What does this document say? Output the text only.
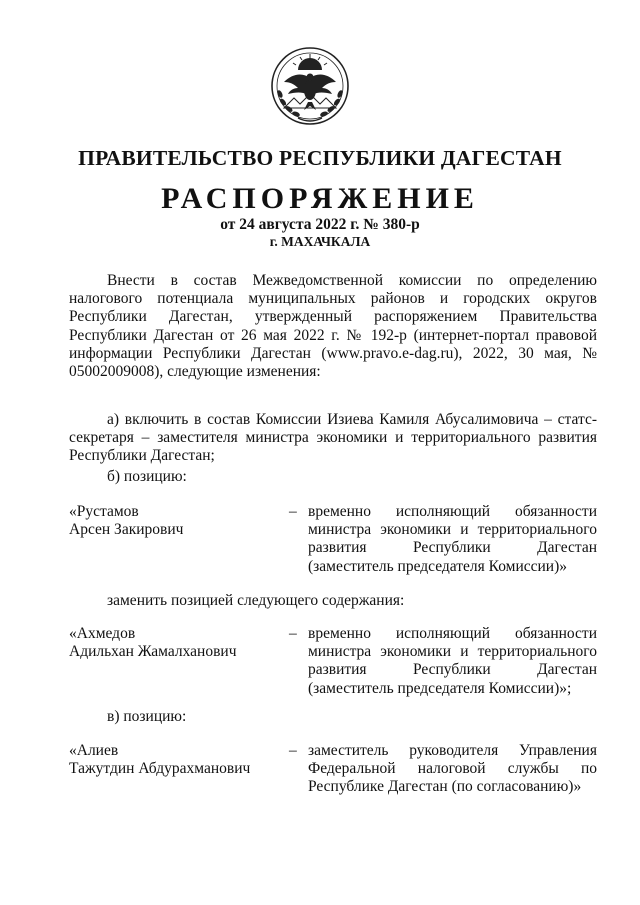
ПРАВИТЕЛЬСТВО РЕСПУБЛИКИ ДАГЕСТАН
РАСПОРЯЖЕНИЕ
от 24 августа 2022 г. № 380-р
г. МАХАЧКАЛА
Внести в состав Межведомственной комиссии по определению налогового потенциала муниципальных районов и городских округов Республики Дагестан, утвержденный распоряжением Правительства Республики Дагестан от 26 мая 2022 г. № 192-р (интернет-портал правовой информации Республики Дагестан (www.pravo.e-dag.ru), 2022, 30 мая, № 05002009008), следующие изменения:
а) включить в состав Комиссии Изиева Камиля Абусалимовича – статс-секретаря – заместителя министра экономики и территориального развития Республики Дагестан;
б) позицию:
«Рустамов
Арсен Закирович
– временно исполняющий обязанности министра экономики и территориального развития Республики Дагестан (заместитель председателя Комиссии)»
заменить позицией следующего содержания:
«Ахмедов
Адильхан Жамалханович
– временно исполняющий обязанности министра экономики и территориального развития Республики Дагестан (заместитель председателя Комиссии)»;
в) позицию:
«Алиев
Тажутдин Абдурахманович
– заместитель руководителя Управления Федеральной налоговой службы по Республике Дагестан (по согласованию)»
